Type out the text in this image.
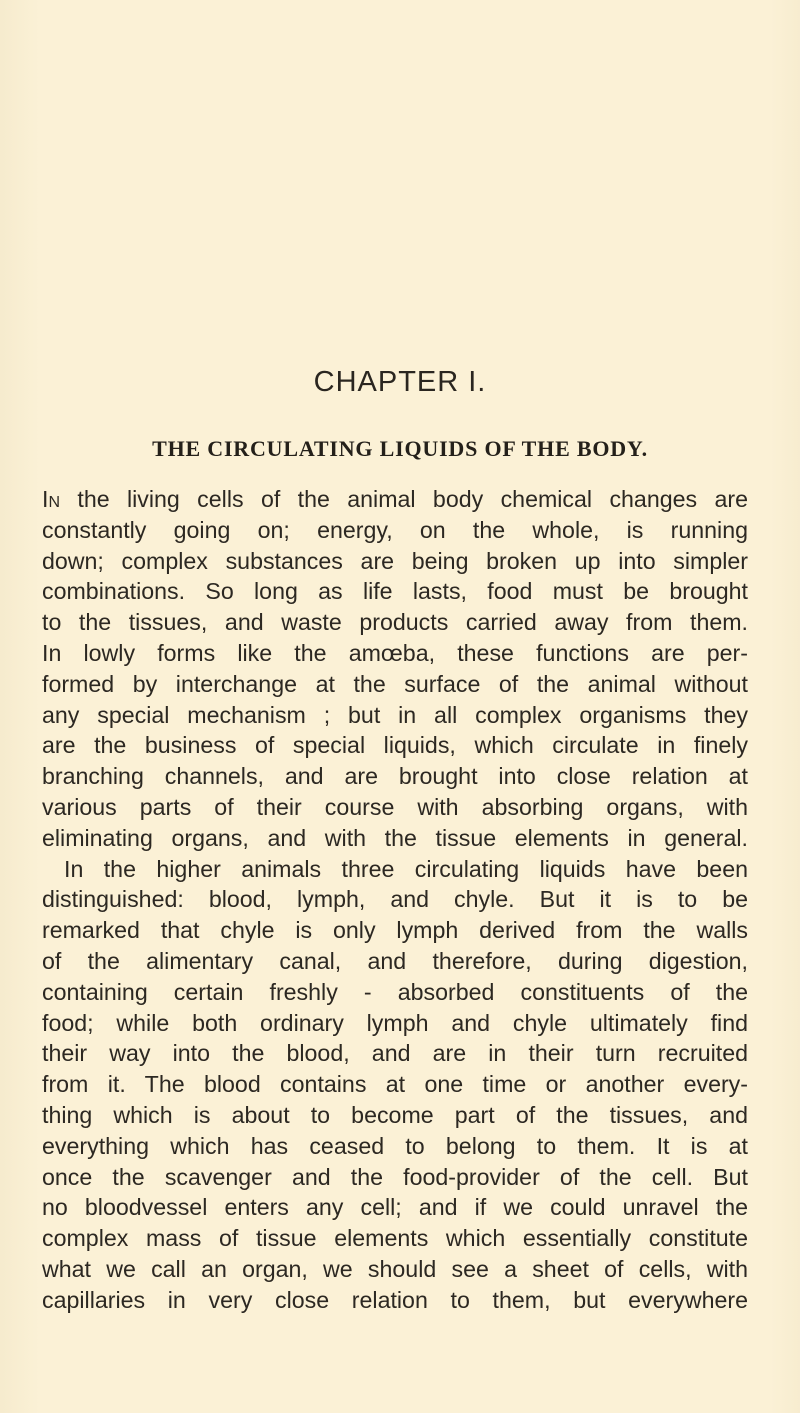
CHAPTER I.
THE CIRCULATING LIQUIDS OF THE BODY.
In the living cells of the animal body chemical changes are
constantly going on; energy, on the whole, is running
down; complex substances are being broken up into simpler
combinations. So long as life lasts, food must be brought
to the tissues, and waste products carried away from them.
In lowly forms like the amœba, these functions are per-
formed by interchange at the surface of the animal without
any special mechanism ; but in all complex organisms they
are the business of special liquids, which circulate in finely
branching channels, and are brought into close relation at
various parts of their course with absorbing organs, with
eliminating organs, and with the tissue elements in general.
In the higher animals three circulating liquids have been
distinguished: blood, lymph, and chyle. But it is to be
remarked that chyle is only lymph derived from the walls
of the alimentary canal, and therefore, during digestion,
containing certain freshly - absorbed constituents of the
food; while both ordinary lymph and chyle ultimately find
their way into the blood, and are in their turn recruited
from it. The blood contains at one time or another every-
thing which is about to become part of the tissues, and
everything which has ceased to belong to them. It is at
once the scavenger and the food-provider of the cell. But
no bloodvessel enters any cell; and if we could unravel the
complex mass of tissue elements which essentially constitute
what we call an organ, we should see a sheet of cells, with
capillaries in very close relation to them, but everywhere
